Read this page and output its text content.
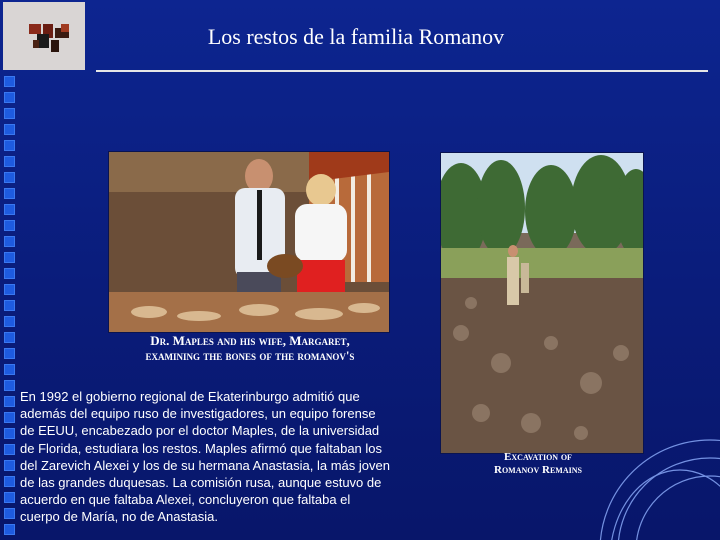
Los restos de la familia Romanov
Dr. Maples and his wife, Margaret,
examining the bones of the romanov's
Excavation of
Romanov Remains
En 1992 el gobierno regional de Ekaterinburgo admitió que además del equipo ruso de investigadores, un equipo forense de EEUU, encabezado por el doctor Maples, de la universidad de Florida, estudiara los restos. Maples afirmó que faltaban los del Zarevich Alexei y los de su hermana Anastasia, la más joven de las grandes duquesas. La comisión rusa, aunque estuvo de acuerdo en que faltaba Alexei, concluyeron que faltaba el cuerpo de María, no de Anastasia.
